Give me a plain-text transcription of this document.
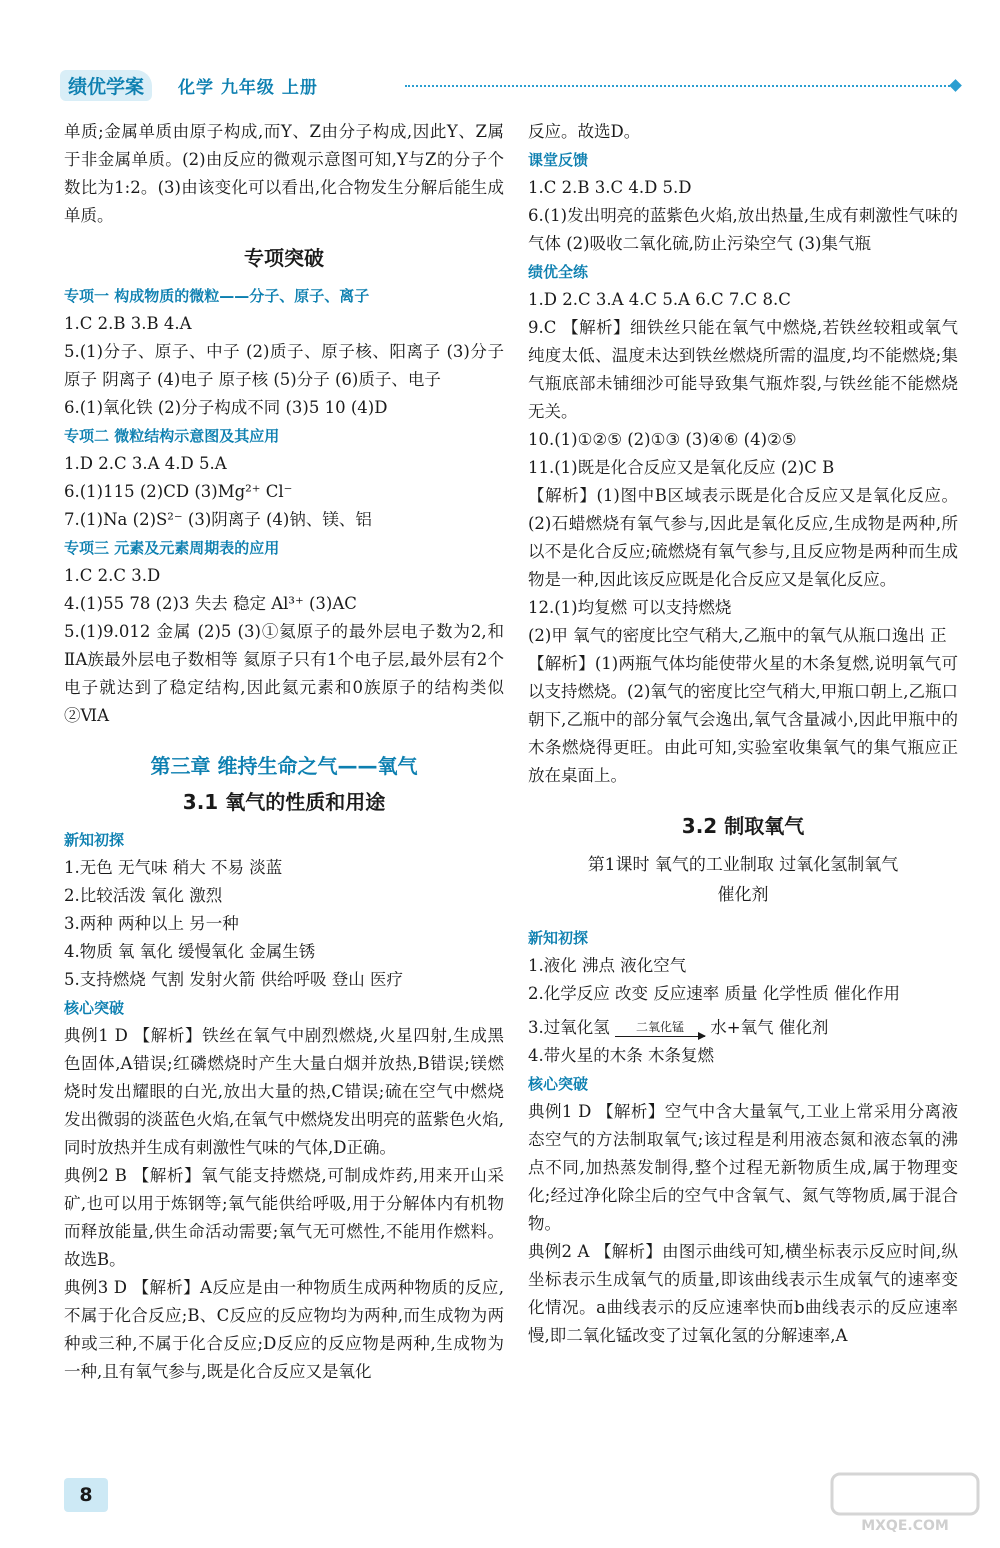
绩优学案	化学 九年级 上册

单质;金属单质由原子构成,而Y、Z由分子构成,因此Y、Z属于非金属单质。(2)由反应的微观示意图可知,Y与Z的分子个数比为1:2。(3)由该变化可以看出,化合物发生分解后能生成单质。

专项突破
专项一 构成物质的微粒——分子、原子、离子

1.C 2.B 3.B 4.A

5.(1)分子、原子、中子 (2)质子、原子核、阳离子 (3)分子 原子 阴离子 (4)电子 原子核 (5)分子 (6)质子、电子

6.(1)氧化铁 (2)分子构成不同 (3)5 10 (4)D

专项二 微粒结构示意图及其应用

1.D 2.C 3.A 4.D 5.A

6.(1)115 (2)CD (3)Mg²⁺ Cl⁻

7.(1)Na (2)S²⁻ (3)阴离子 (4)钠、镁、铝

专项三 元素及元素周期表的应用

1.C 2.C 3.D

4.(1)55 78 (2)3 失去 稳定 Al³⁺ (3)AC

5.(1)9.012 金属 (2)5 (3)①氦原子的最外层电子数为2,和ⅡA族最外层电子数相等 氦原子只有1个电子层,最外层有2个电子就达到了稳定结构,因此氦元素和0族原子的结构类似 ②ⅥA

第三章 维持生命之气——氧气
3.1 氧气的性质和用途
新知初探

1.无色 无气味 稍大 不易 淡蓝

2.比较活泼 氧化 激烈

3.两种 两种以上 另一种

4.物质 氧 氧化 缓慢氧化 金属生锈

5.支持燃烧 气割 发射火箭 供给呼吸 登山 医疗

核心突破

典例1 D 【解析】铁丝在氧气中剧烈燃烧,火星四射,生成黑色固体,A错误;红磷燃烧时产生大量白烟并放热,B错误;镁燃烧时发出耀眼的白光,放出大量的热,C错误;硫在空气中燃烧发出微弱的淡蓝色火焰,在氧气中燃烧发出明亮的蓝紫色火焰,同时放热并生成有刺激性气味的气体,D正确。

典例2 B 【解析】氧气能支持燃烧,可制成炸药,用来开山采矿,也可以用于炼钢等;氧气能供给呼吸,用于分解体内有机物而释放能量,供生命活动需要;氧气无可燃性,不能用作燃料。故选B。

典例3 D 【解析】A反应是由一种物质生成两种物质的反应,不属于化合反应;B、C反应的反应物均为两种,而生成物为两种或三种,不属于化合反应;D反应的反应物是两种,生成物为一种,且有氧气参与,既是化合反应又是氧化

反应。故选D。

课堂反馈

1.C 2.B 3.C 4.D 5.D

6.(1)发出明亮的蓝紫色火焰,放出热量,生成有刺激性气味的气体 (2)吸收二氧化硫,防止污染空气 (3)集气瓶

绩优全练

1.D 2.C 3.A 4.C 5.A 6.C 7.C 8.C

9.C 【解析】细铁丝只能在氧气中燃烧,若铁丝较粗或氧气纯度太低、温度未达到铁丝燃烧所需的温度,均不能燃烧;集气瓶底部未铺细沙可能导致集气瓶炸裂,与铁丝能不能燃烧无关。

10.(1)①②⑤ (2)①③ (3)④⑥ (4)②⑤

11.(1)既是化合反应又是氧化反应 (2)C B

【解析】(1)图中B区域表示既是化合反应又是氧化反应。(2)石蜡燃烧有氧气参与,因此是氧化反应,生成物是两种,所以不是化合反应;硫燃烧有氧气参与,且反应物是两种而生成物是一种,因此该反应既是化合反应又是氧化反应。

12.(1)均复燃 可以支持燃烧

(2)甲 氧气的密度比空气稍大,乙瓶中的氧气从瓶口逸出 正

【解析】(1)两瓶气体均能使带火星的木条复燃,说明氧气可以支持燃烧。(2)氧气的密度比空气稍大,甲瓶口朝上,乙瓶口朝下,乙瓶中的部分氧气会逸出,氧气含量减小,因此甲瓶中的木条燃烧得更旺。由此可知,实验室收集氧气的集气瓶应正放在桌面上。

3.2 制取氧气
第1课时 氧气的工业制取 过氧化氢制氧气
催化剂
新知初探

1.液化 沸点 液化空气

2.化学反应 改变 反应速率 质量 化学性质 催化作用

3.过氧化氢	二氧化锰	水+氧气 催化剂

4.带火星的木条 木条复燃

核心突破

典例1 D 【解析】空气中含大量氧气,工业上常采用分离液态空气的方法制取氧气;该过程是利用液态氮和液态氧的沸点不同,加热蒸发制得,整个过程无新物质生成,属于物理变化;经过净化除尘后的空气中含氧气、氮气等物质,属于混合物。

典例2 A 【解析】由图示曲线可知,横坐标表示反应时间,纵坐标表示生成氧气的质量,即该曲线表示生成氧气的速率变化情况。a曲线表示的反应速率快而b曲线表示的反应速率慢,即二氧化锰改变了过氧化氢的分解速率,A

8
MXQE.COM
